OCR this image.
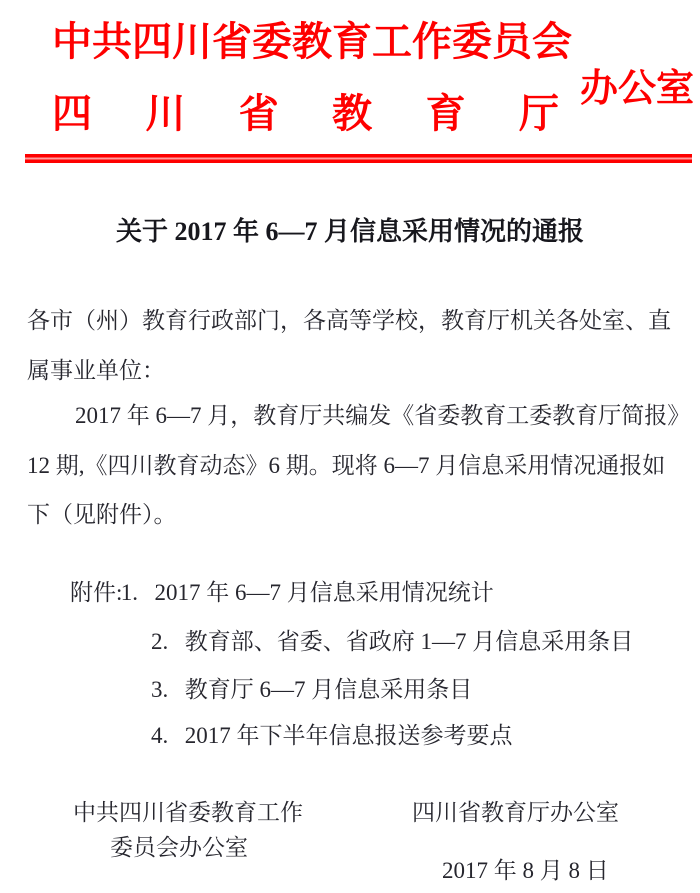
中共四川省委教育工作委员会
四 川 省 教 育 厅
办公室
关于 2017 年 6—7 月信息采用情况的通报
各市（州）教育行政部门，各高等学校，教育厅机关各处室、直
属事业单位：
2017 年 6—7 月，教育厅共编发《省委教育工委教育厅简报》
12 期,《四川教育动态》6 期。现将 6—7 月信息采用情况通报如
下（见附件）。
附件: 1. 2017 年 6—7 月信息采用情况统计
2. 教育部、省委、省政府 1—7 月信息采用条目
3. 教育厅 6—7 月信息采用条目
4. 2017 年下半年信息报送参考要点
中共四川省委教育工作
委员会办公室
四川省教育厅办公室
2017 年 8 月 8 日
